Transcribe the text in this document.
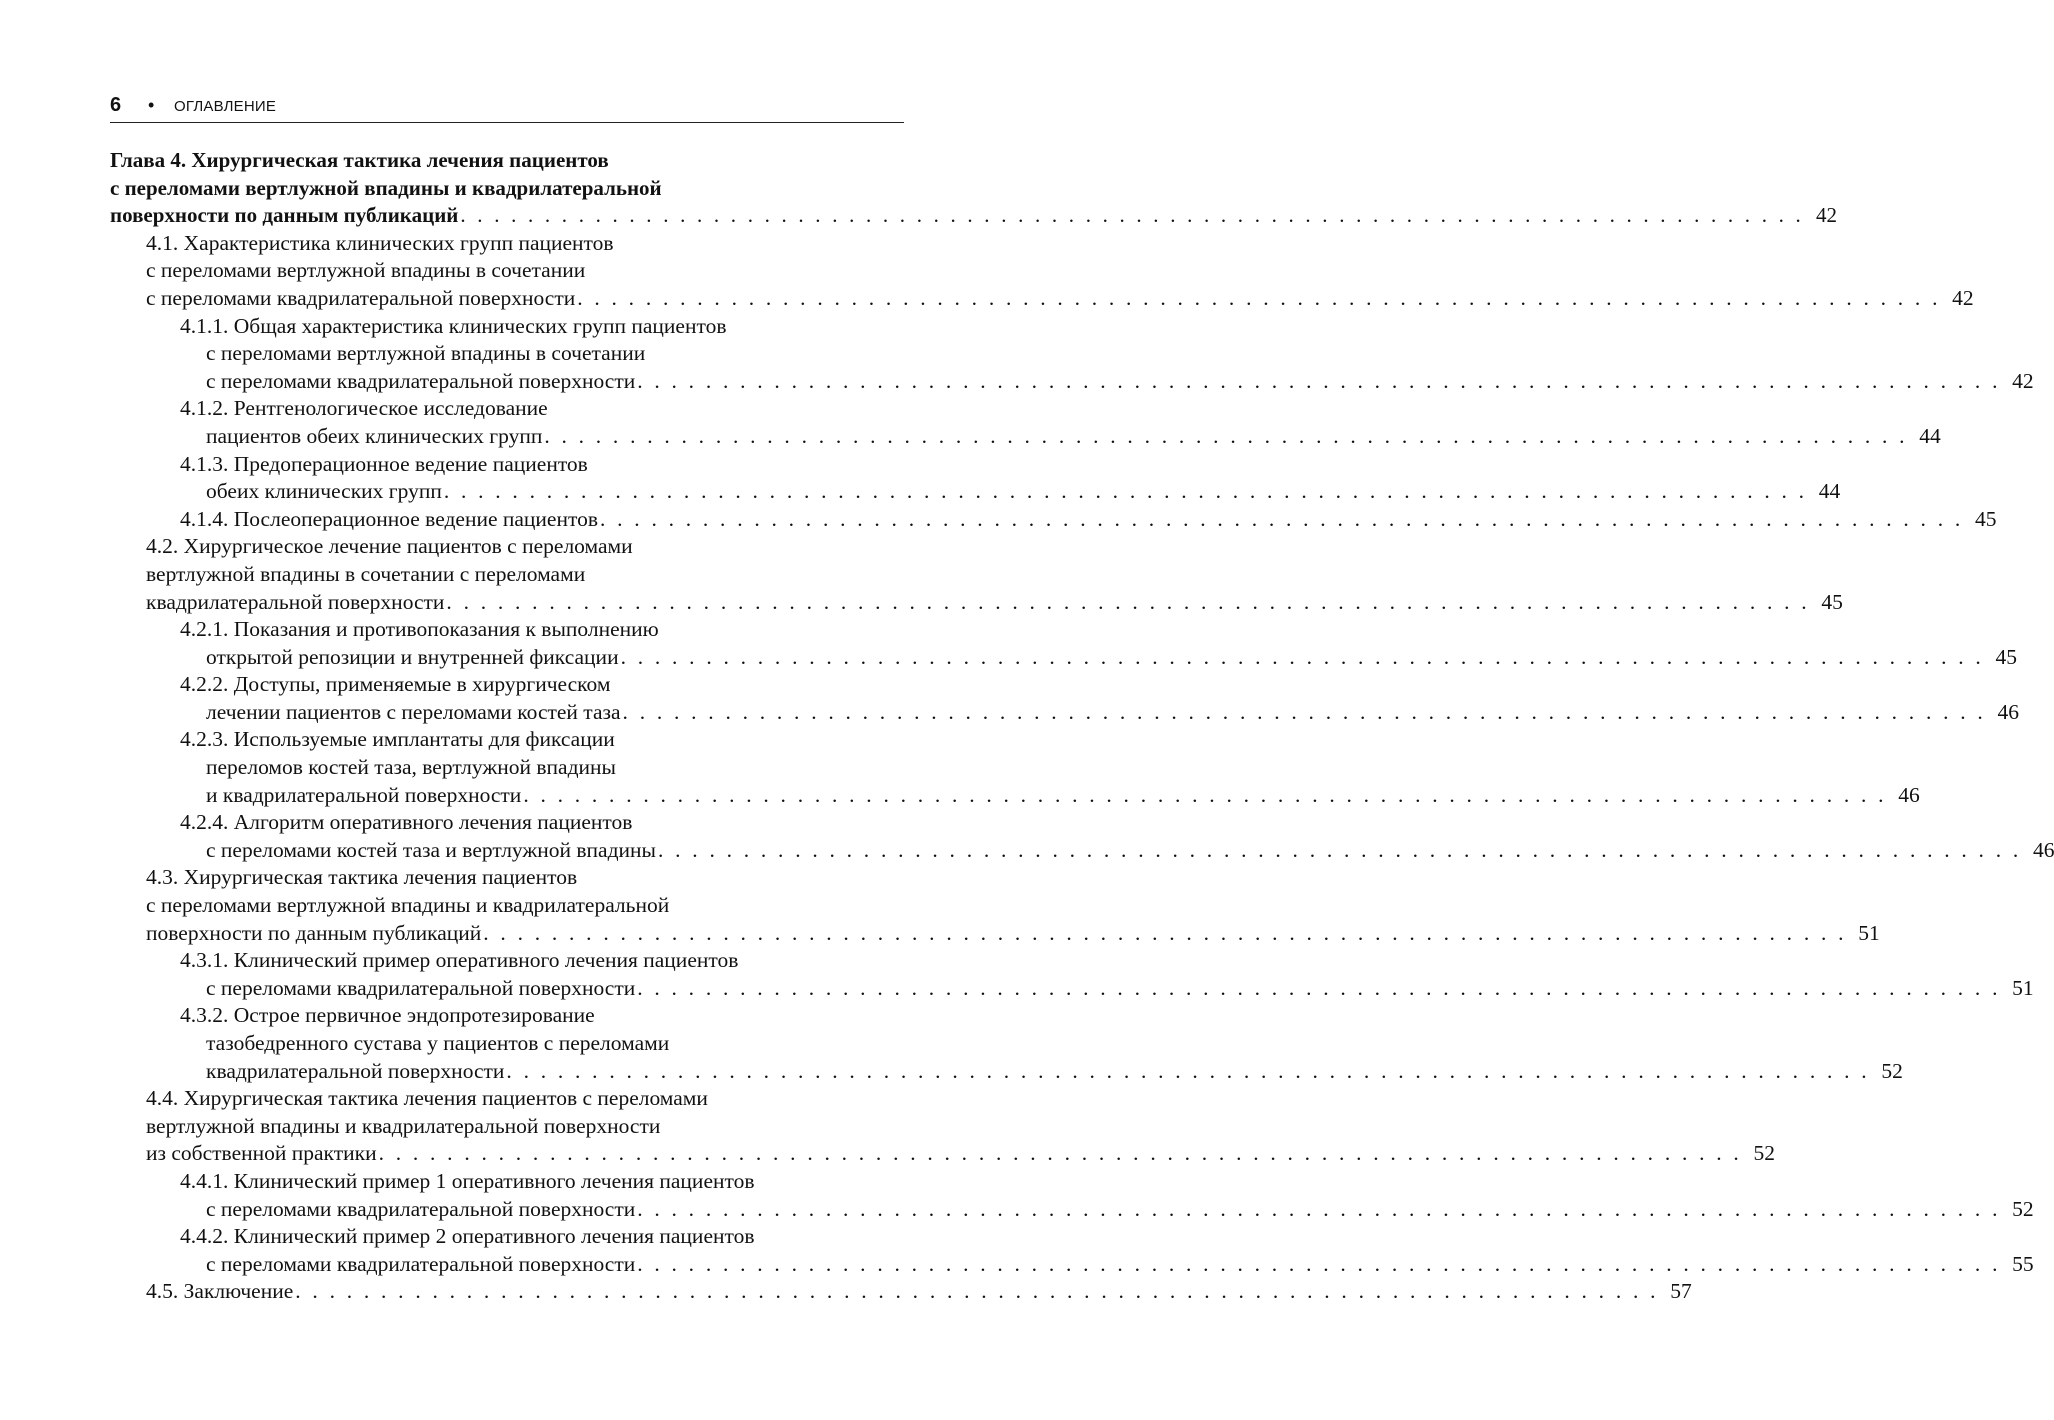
6 • ОГЛАВЛЕНИЕ
Глава 4. Хирургическая тактика лечения пациентов
с переломами вертлужной впадины и квадрилатеральной
поверхности по данным публикаций . . . . . . . . . . . . . . . . . . . . . . . . . . . . . . . . . . . . . . . . . . . . . . . . . . . . . . . . . . . . . . . . . . . . . . . . . . . . . . . . 42
4.1. Характеристика клинических групп пациентов
с переломами вертлужной впадины в сочетании
с переломами квадрилатеральной поверхности . . . . . . . . . . . . . . . . . . . . . . . . . . . . . . . . . . . . . . . . . . . . . . . . . . . . . . . . . . . . . . . . . . . . . . . . . . . . . . . . 42
4.1.1. Общая характеристика клинических групп пациентов
с переломами вертлужной впадины в сочетании
с переломами квадрилатеральной поверхности . . . . . . . . . . . . . . . . . . . . . . . . . . . . . . . . . . . . . . . . . . . . . . . . . . . . . . . . . . . . . . . . . . . . . . . . . . . . . . . . 42
4.1.2. Рентгенологическое исследование
пациентов обеих клинических групп . . . . . . . . . . . . . . . . . . . . . . . . . . . . . . . . . . . . . . . . . . . . . . . . . . . . . . . . . . . . . . . . . . . . . . . . . . . . . . . . 44
4.1.3. Предоперационное ведение пациентов
обеих клинических групп . . . . . . . . . . . . . . . . . . . . . . . . . . . . . . . . . . . . . . . . . . . . . . . . . . . . . . . . . . . . . . . . . . . . . . . . . . . . . . . . 44
4.1.4. Послеоперационное ведение пациентов . . . . . . . . . . . . . . . . . . . . . . . . . . . . . . . . . . . . . . . . . . . . . . . . . . . . . . . . . . . . . . . . . . . . . . . . . . . . . . . . 45
4.2. Хирургическое лечение пациентов с переломами
вертлужной впадины в сочетании с переломами
квадрилатеральной поверхности . . . . . . . . . . . . . . . . . . . . . . . . . . . . . . . . . . . . . . . . . . . . . . . . . . . . . . . . . . . . . . . . . . . . . . . . . . . . . . . . 45
4.2.1. Показания и противопоказания к выполнению
открытой репозиции и внутренней фиксации . . . . . . . . . . . . . . . . . . . . . . . . . . . . . . . . . . . . . . . . . . . . . . . . . . . . . . . . . . . . . . . . . . . . . . . . . . . . . . . . 45
4.2.2. Доступы, применяемые в хирургическом
лечении пациентов с переломами костей таза . . . . . . . . . . . . . . . . . . . . . . . . . . . . . . . . . . . . . . . . . . . . . . . . . . . . . . . . . . . . . . . . . . . . . . . . . . . . . . . . 46
4.2.3. Используемые имплантаты для фиксации
переломов костей таза, вертлужной впадины
и квадрилатеральной поверхности . . . . . . . . . . . . . . . . . . . . . . . . . . . . . . . . . . . . . . . . . . . . . . . . . . . . . . . . . . . . . . . . . . . . . . . . . . . . . . . . 46
4.2.4. Алгоритм оперативного лечения пациентов
с переломами костей таза и вертлужной впадины . . . . . . . . . . . . . . . . . . . . . . . . . . . . . . . . . . . . . . . . . . . . . . . . . . . . . . . . . . . . . . . . . . . . . . . . . . . . . . . . 46
4.3. Хирургическая тактика лечения пациентов
с переломами вертлужной впадины и квадрилатеральной
поверхности по данным публикаций . . . . . . . . . . . . . . . . . . . . . . . . . . . . . . . . . . . . . . . . . . . . . . . . . . . . . . . . . . . . . . . . . . . . . . . . . . . . . . . . 51
4.3.1. Клинический пример оперативного лечения пациентов
с переломами квадрилатеральной поверхности . . . . . . . . . . . . . . . . . . . . . . . . . . . . . . . . . . . . . . . . . . . . . . . . . . . . . . . . . . . . . . . . . . . . . . . . . . . . . . . . 51
4.3.2. Острое первичное эндопротезирование
тазобедренного сустава у пациентов с переломами
квадрилатеральной поверхности . . . . . . . . . . . . . . . . . . . . . . . . . . . . . . . . . . . . . . . . . . . . . . . . . . . . . . . . . . . . . . . . . . . . . . . . . . . . . . . . 52
4.4. Хирургическая тактика лечения пациентов с переломами
вертлужной впадины и квадрилатеральной поверхности
из собственной практики . . . . . . . . . . . . . . . . . . . . . . . . . . . . . . . . . . . . . . . . . . . . . . . . . . . . . . . . . . . . . . . . . . . . . . . . . . . . . . . . 52
4.4.1. Клинический пример 1 оперативного лечения пациентов
с переломами квадрилатеральной поверхности . . . . . . . . . . . . . . . . . . . . . . . . . . . . . . . . . . . . . . . . . . . . . . . . . . . . . . . . . . . . . . . . . . . . . . . . . . . . . . . . 52
4.4.2. Клинический пример 2 оперативного лечения пациентов
с переломами квадрилатеральной поверхности . . . . . . . . . . . . . . . . . . . . . . . . . . . . . . . . . . . . . . . . . . . . . . . . . . . . . . . . . . . . . . . . . . . . . . . . . . . . . . . . 55
4.5. Заключение . . . . . . . . . . . . . . . . . . . . . . . . . . . . . . . . . . . . . . . . . . . . . . . . . . . . . . . . . . . . . . . . . . . . . . . . . . . . . . . . 57
